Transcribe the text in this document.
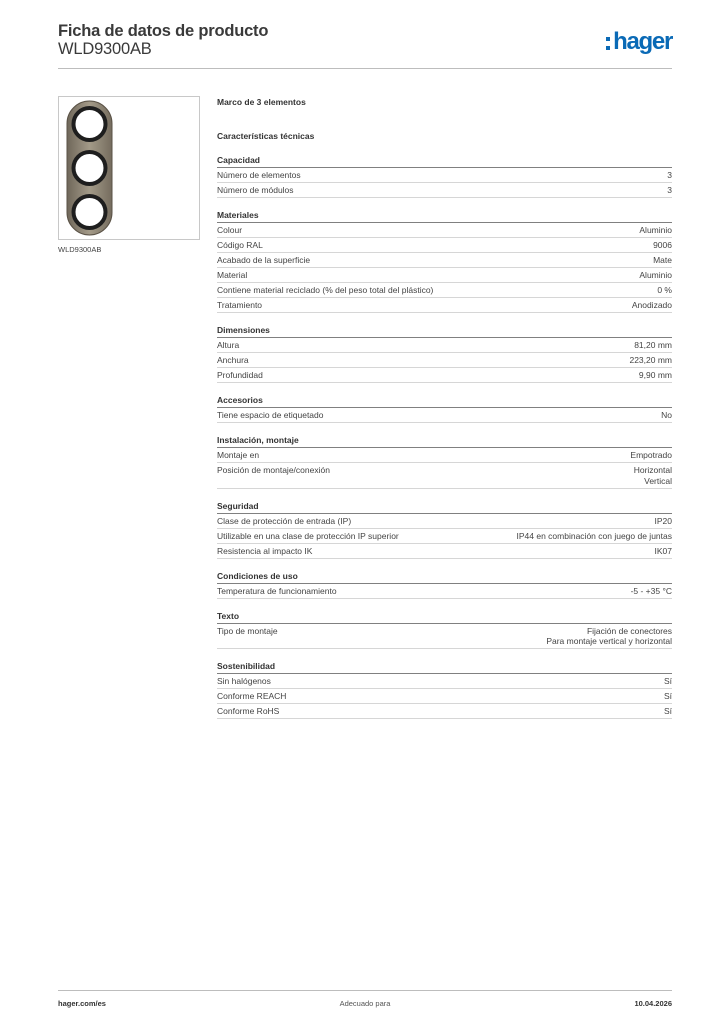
Ficha de datos de producto
WLD9300AB	hager
WLD9300AB
Marco de 3 elementos
Características técnicas
Capacidad
Número de elementos	3
Número de módulos	3
Materiales
Colour	Aluminio
Código RAL	9006
Acabado de la superficie	Mate
Material	Aluminio
Contiene material reciclado (% del peso total del plástico)	0 %
Tratamiento	Anodizado
Dimensiones
Altura	81,20 mm
Anchura	223,20 mm
Profundidad	9,90 mm
Accesorios
Tiene espacio de etiquetado	No
Instalación, montaje
Montaje en	Empotrado
Posición de montaje/conexión	Horizontal
Vertical
Seguridad
Clase de protección de entrada (IP)	IP20
Utilizable en una clase de protección IP superior	IP44 en combinación con juego de juntas
Resistencia al impacto IK	IK07
Condiciones de uso
Temperatura de funcionamiento	-5 - +35 °C
Texto
Tipo de montaje	Fijación de conectores
Para montaje vertical y horizontal
Sostenibilidad
Sin halógenos	Sí
Conforme REACH	Sí
Conforme RoHS	Sí
hager.com/es	Adecuado para	10.04.2026
